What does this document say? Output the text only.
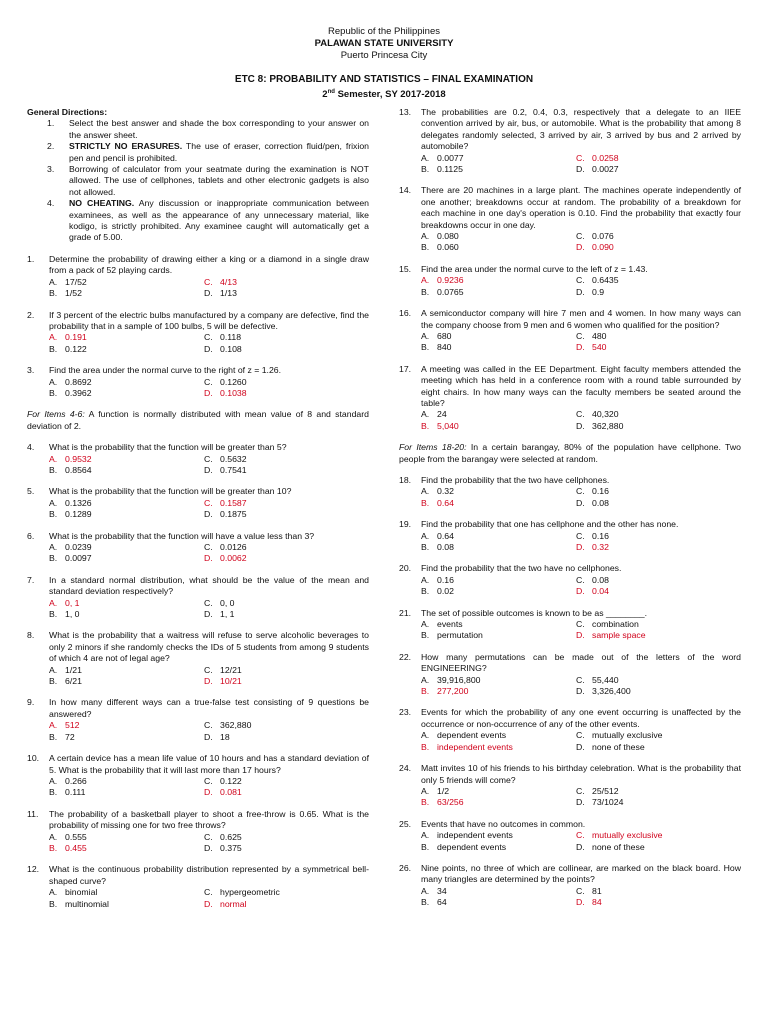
Republic of the Philippines
PALAWAN STATE UNIVERSITY
Puerto Princesa City
ETC 8: PROBABILITY AND STATISTICS – FINAL EXAMINATION
2nd Semester, SY 2017-2018
General Directions:
1.	Select the best answer and shade the box corresponding to your answer on the answer sheet.
2.	STRICTLY NO ERASURES. The use of eraser, correction fluid/pen, frixion pen and pencil is prohibited.
3.	Borrowing of calculator from your seatmate during the examination is NOT allowed. The use of cellphones, tablets and other electronic gadgets is also not allowed.
4.	NO CHEATING. Any discussion or inappropriate communication between examinees, as well as the appearance of any unnecessary material, like kodigo, is strictly prohibited. Any examinee caught will automatically get a grade of 5.00.
1.	Determine the probability of drawing either a king or a diamond in a single draw from a pack of 52 playing cards.
A. 17/52	C. 4/13
B. 1/52	D. 1/13
2.	If 3 percent of the electric bulbs manufactured by a company are defective, find the probability that in a sample of 100 bulbs, 5 will be defective.
A. 0.191	C. 0.118
B. 0.122	D. 0.108
3.	Find the area under the normal curve to the right of z = 1.26.
A. 0.8692	C. 0.1260
B. 0.3962	D. 0.1038
For Items 4-6: A function is normally distributed with mean value of 8 and standard deviation of 2.
4.	What is the probability that the function will be greater than 5?
A. 0.9532	C. 0.5632
B. 0.8564	D. 0.7541
5.	What is the probability that the function will be greater than 10?
A. 0.1326	C. 0.1587
B. 0.1289	D. 0.1875
6.	What is the probability that the function will have a value less than 3?
A. 0.0239	C. 0.0126
B. 0.0097	D. 0.0062
7.	In a standard normal distribution, what should be the value of the mean and standard deviation respectively?
A. 0, 1	C. 0, 0
B. 1, 0	D. 1, 1
8.	What is the probability that a waitress will refuse to serve alcoholic beverages to only 2 minors if she randomly checks the IDs of 5 students from among 9 students of which 4 are not of legal age?
A. 1/21	C. 12/21
B. 6/21	D. 10/21
9.	In how many different ways can a true-false test consisting of 9 questions be answered?
A. 512	C. 362,880
B. 72	D. 18
10.	A certain device has a mean life value of 10 hours and has a standard deviation of 5. What is the probability that it will last more than 17 hours?
A. 0.266	C. 0.122
B. 0.111	D. 0.081
11.	The probability of a basketball player to shoot a free-throw is 0.65. What is the probability of missing one for two free throws?
A. 0.555	C. 0.625
B. 0.455	D. 0.375
12.	What is the continuous probability distribution represented by a symmetrical bell-shaped curve?
A. binomial	C. hypergeometric
B. multinomial	D. normal
13.	The probabilities are 0.2, 0.4, 0.3, respectively that a delegate to an IIEE convention arrived by air, bus, or automobile. What is the probability that among 8 delegates randomly selected, 3 arrived by air, 3 arrived by bus and 2 arrived by automobile?
A. 0.0077	C. 0.0258
B. 0.1125	D. 0.0027
14.	There are 20 machines in a large plant. The machines operate independently of one another; breakdowns occur at random. The probability of a breakdown for each machine in one day's operation is 0.10. Find the probability that exactly four breakdowns occur in one day.
A. 0.080	C. 0.076
B. 0.060	D. 0.090
15.	Find the area under the normal curve to the left of z = 1.43.
A. 0.9236	C. 0.6435
B. 0.0765	D. 0.9
16.	A semiconductor company will hire 7 men and 4 women. In how many ways can the company choose from 9 men and 6 women who qualified for the position?
A. 680	C. 480
B. 840	D. 540
17.	A meeting was called in the EE Department. Eight faculty members attended the meeting which has held in a conference room with a round table surrounded by eight chairs. In how many ways can the faculty members be seated around the table?
A. 24	C. 40,320
B. 5,040	D. 362,880
For Items 18-20: In a certain barangay, 80% of the population have cellphone. Two people from the barangay were selected at random.
18.	Find the probability that the two have cellphones.
A. 0.32	C. 0.16
B. 0.64	D. 0.08
19.	Find the probability that one has cellphone and the other has none.
A. 0.64	C. 0.16
B. 0.08	D. 0.32
20.	Find the probability that the two have no cellphones.
A. 0.16	C. 0.08
B. 0.02	D. 0.04
21.	The set of possible outcomes is known to be as ________.
A. events	C. combination
B. permutation	D. sample space
22.	How many permutations can be made out of the letters of the word ENGINEERING?
A. 39,916,800	C. 55,440
B. 277,200	D. 3,326,400
23.	Events for which the probability of any one event occurring is unaffected by the occurrence or non-occurrence of any of the other events.
A. dependent events	C. mutually exclusive
B. independent events	D. none of these
24.	Matt invites 10 of his friends to his birthday celebration. What is the probability that only 5 friends will come?
A. 1/2	C. 25/512
B. 63/256	D. 73/1024
25.	Events that have no outcomes in common.
A. independent events	C. mutually exclusive
B. dependent events	D. none of these
26.	Nine points, no three of which are collinear, are marked on the black board. How many triangles are determined by the points?
A. 34	C. 81
B. 64	D. 84
